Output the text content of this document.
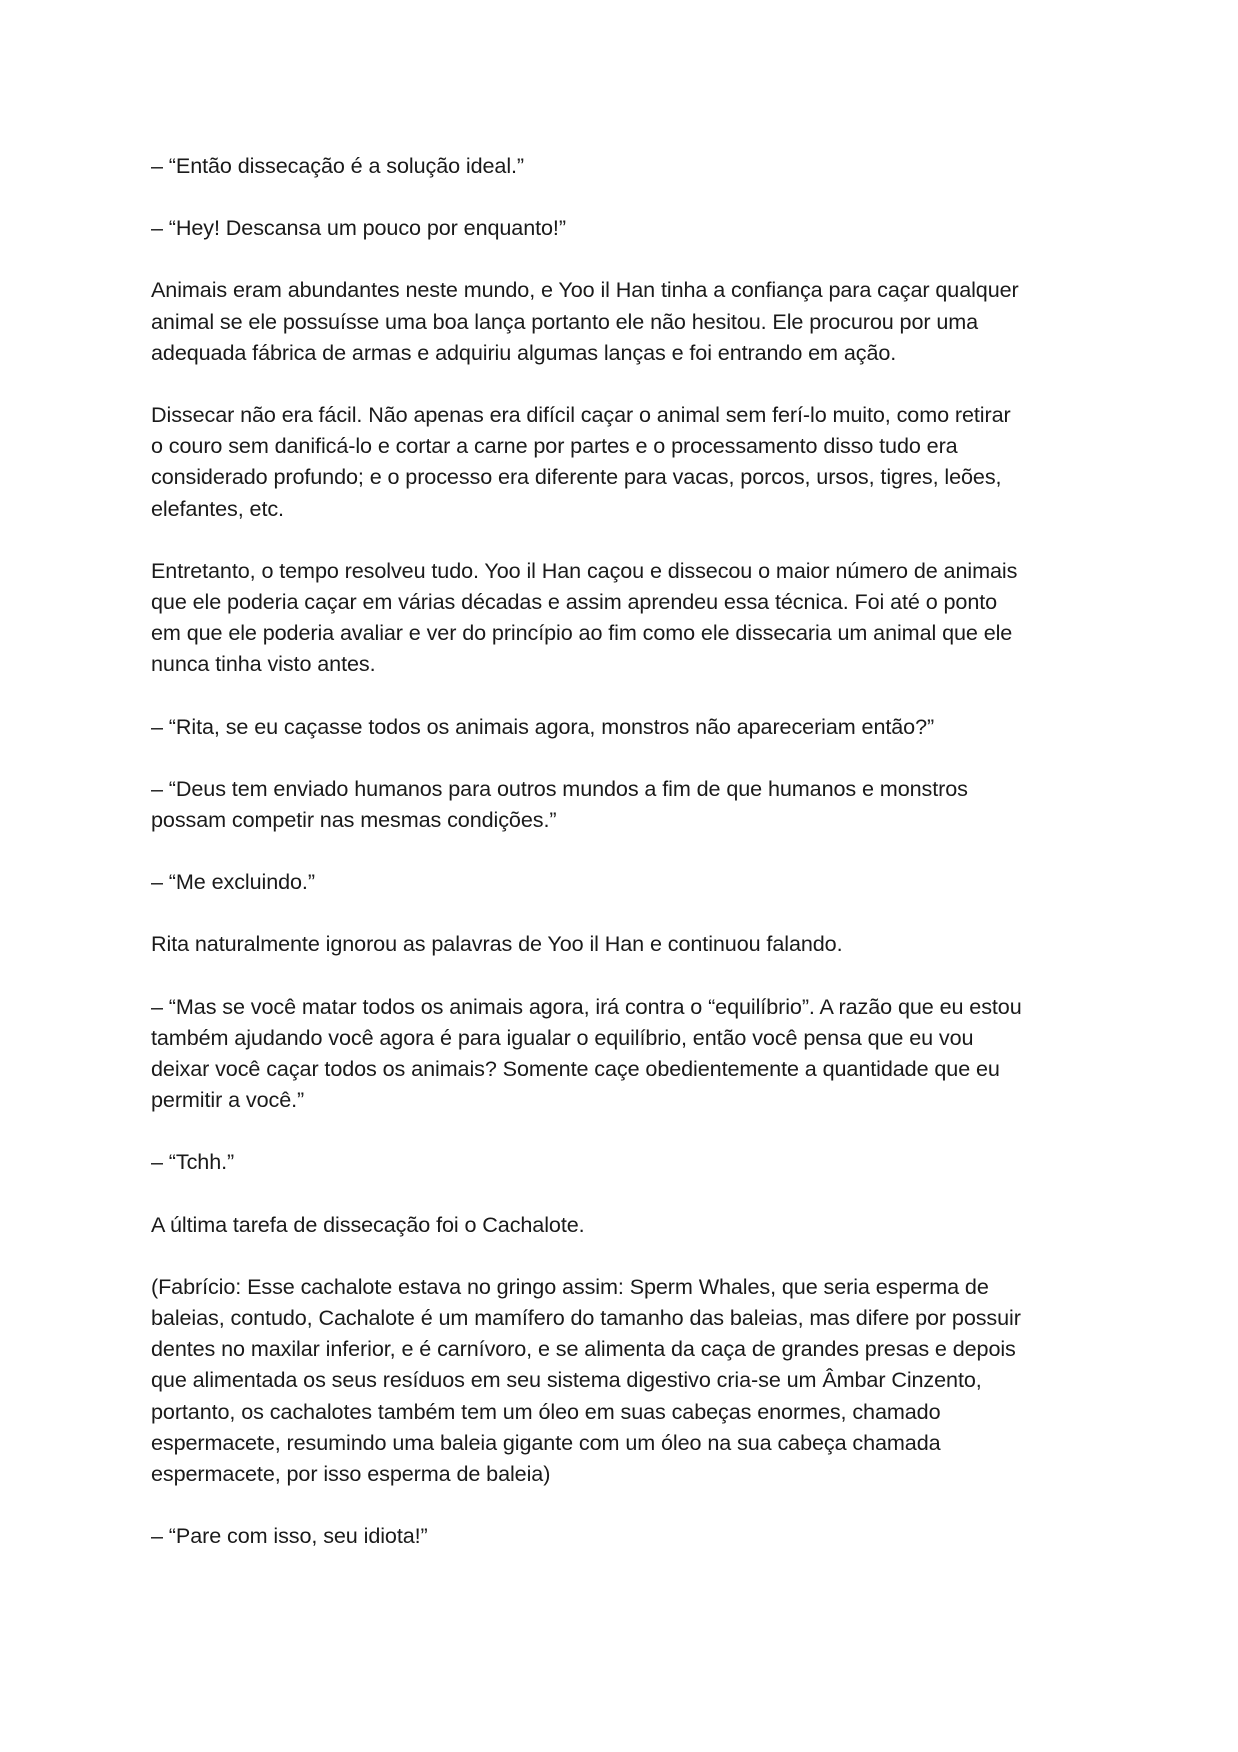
– “Então dissecação é a solução ideal.”

– “Hey! Descansa um pouco por enquanto!”

Animais eram abundantes neste mundo, e Yoo il Han tinha a confiança para caçar qualquer
animal se ele possuísse uma boa lança portanto ele não hesitou. Ele procurou por uma
adequada fábrica de armas e adquiriu algumas lanças e foi entrando em ação.

Dissecar não era fácil. Não apenas era difícil caçar o animal sem ferí-lo muito, como retirar
o couro sem danificá-lo e cortar a carne por partes e o processamento disso tudo era
considerado profundo; e o processo era diferente para vacas, porcos, ursos, tigres, leões,
elefantes, etc.

Entretanto, o tempo resolveu tudo. Yoo il Han caçou e dissecou o maior número de animais
que ele poderia caçar em várias décadas e assim aprendeu essa técnica. Foi até o ponto
em que ele poderia avaliar e ver do princípio ao fim como ele dissecaria um animal que ele
nunca tinha visto antes.

– “Rita, se eu caçasse todos os animais agora, monstros não apareceriam então?”

– “Deus tem enviado humanos para outros mundos a fim de que humanos e monstros
possam competir nas mesmas condições.”

– “Me excluindo.”

Rita naturalmente ignorou as palavras de Yoo il Han e continuou falando.

– “Mas se você matar todos os animais agora, irá contra o “equilíbrio”. A razão que eu estou
também ajudando você agora é para igualar o equilíbrio, então você pensa que eu vou
deixar você caçar todos os animais? Somente caçe obedientemente a quantidade que eu
permitir a você.”

– “Tchh.”

A última tarefa de dissecação foi o Cachalote.

(Fabrício: Esse cachalote estava no gringo assim: Sperm Whales, que seria esperma de
baleias, contudo, Cachalote é um mamífero do tamanho das baleias, mas difere por possuir
dentes no maxilar inferior, e é carnívoro, e se alimenta da caça de grandes presas e depois
que alimentada os seus resíduos em seu sistema digestivo cria-se um Âmbar Cinzento,
portanto, os cachalotes também tem um óleo em suas cabeças enormes, chamado
espermacete, resumindo uma baleia gigante com um óleo na sua cabeça chamada
espermacete, por isso esperma de baleia)

– “Pare com isso, seu idiota!”
